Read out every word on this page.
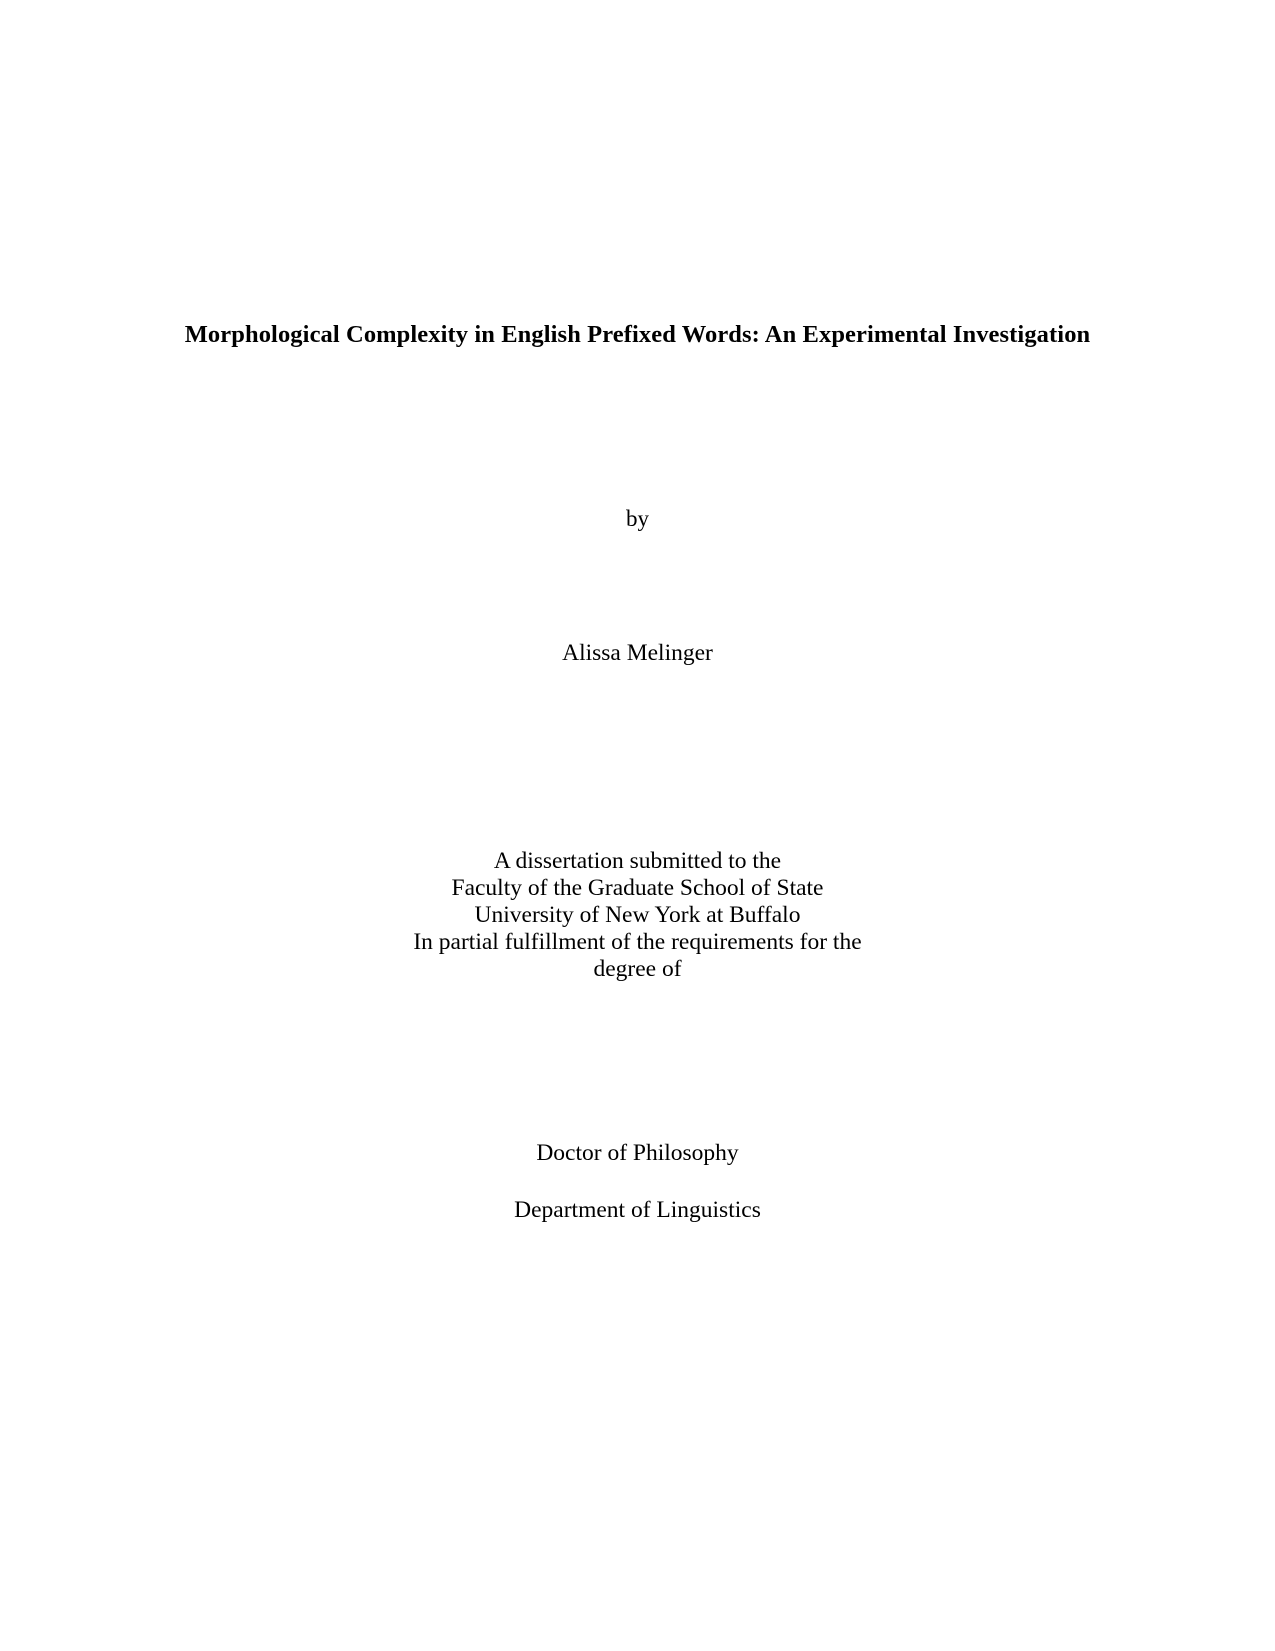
Morphological Complexity in English Prefixed Words: An Experimental Investigation
by
Alissa Melinger
A dissertation submitted to the
Faculty of the Graduate School of State
University of New York at Buffalo
In partial fulfillment of the requirements for the
degree of
Doctor of Philosophy
Department of Linguistics
